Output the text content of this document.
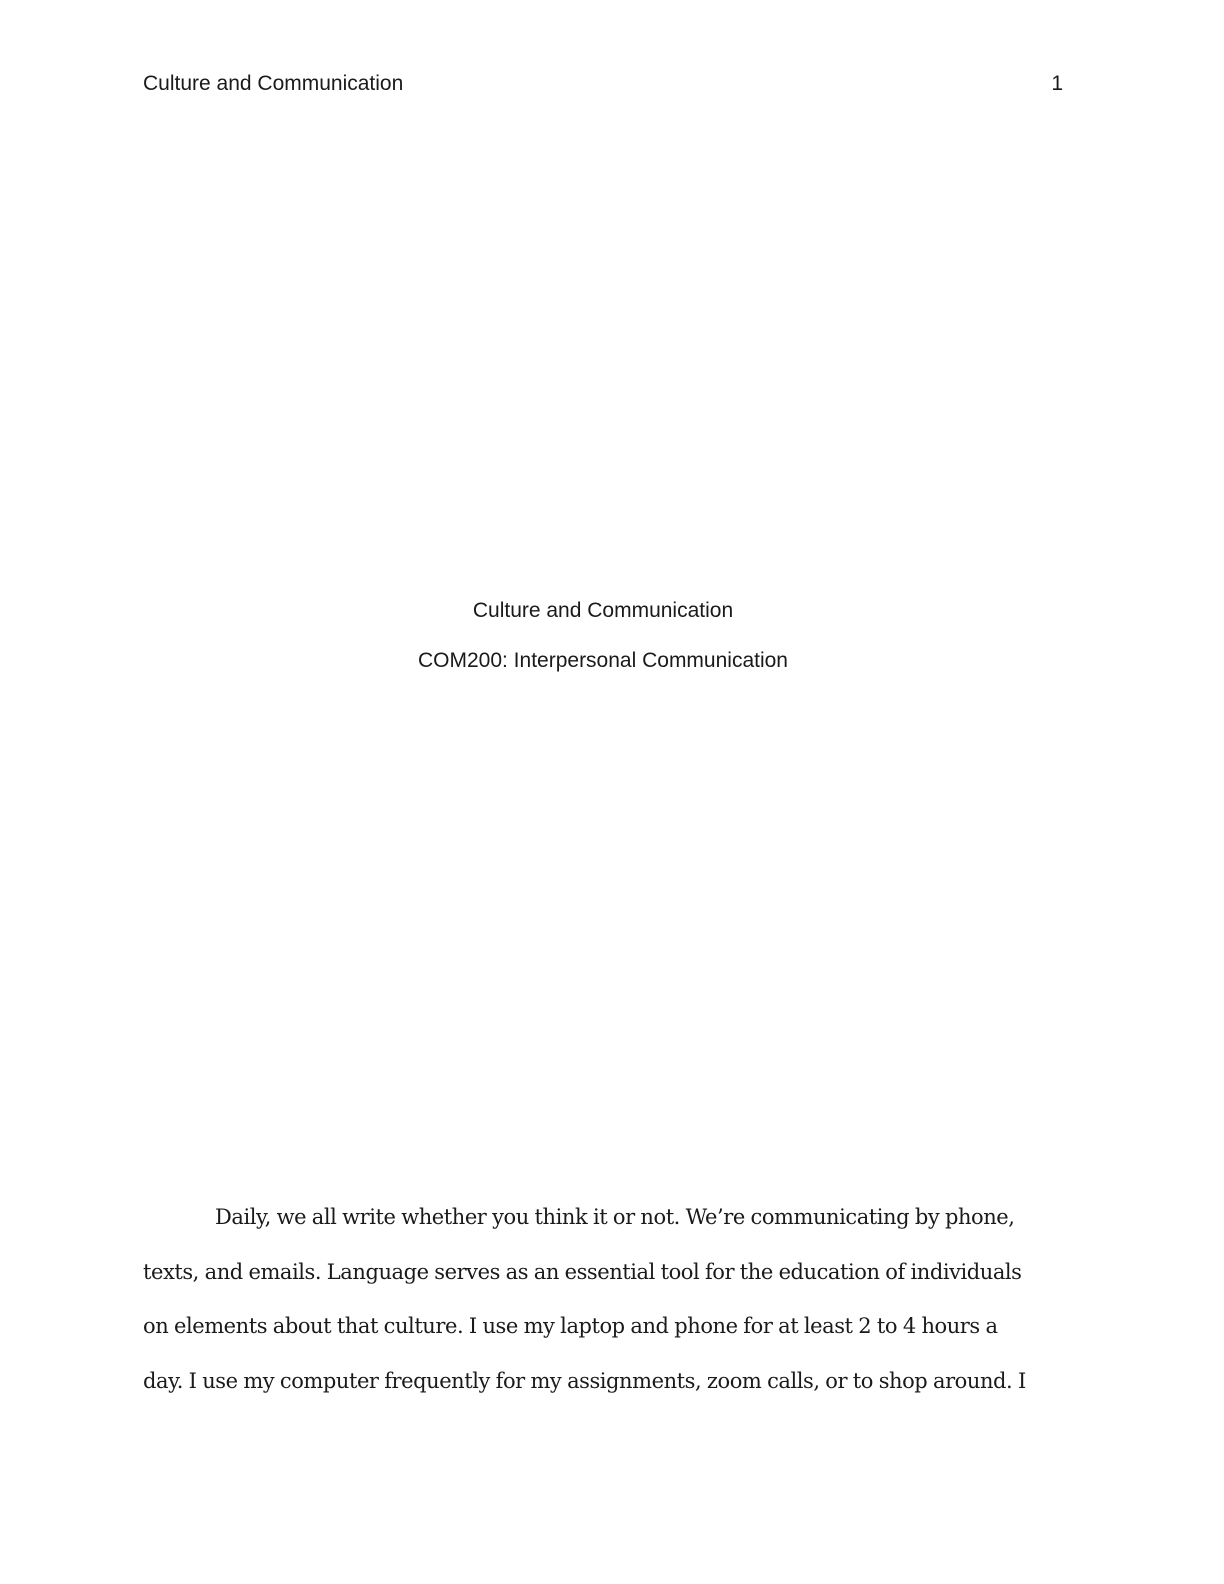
Culture and Communication	1
Culture and Communication
COM200: Interpersonal Communication
Daily, we all write whether you think it or not. We’re communicating by phone,
texts, and emails. Language serves as an essential tool for the education of individuals
on elements about that culture. I use my laptop and phone for at least 2 to 4 hours a
day. I use my computer frequently for my assignments, zoom calls, or to shop around. I
